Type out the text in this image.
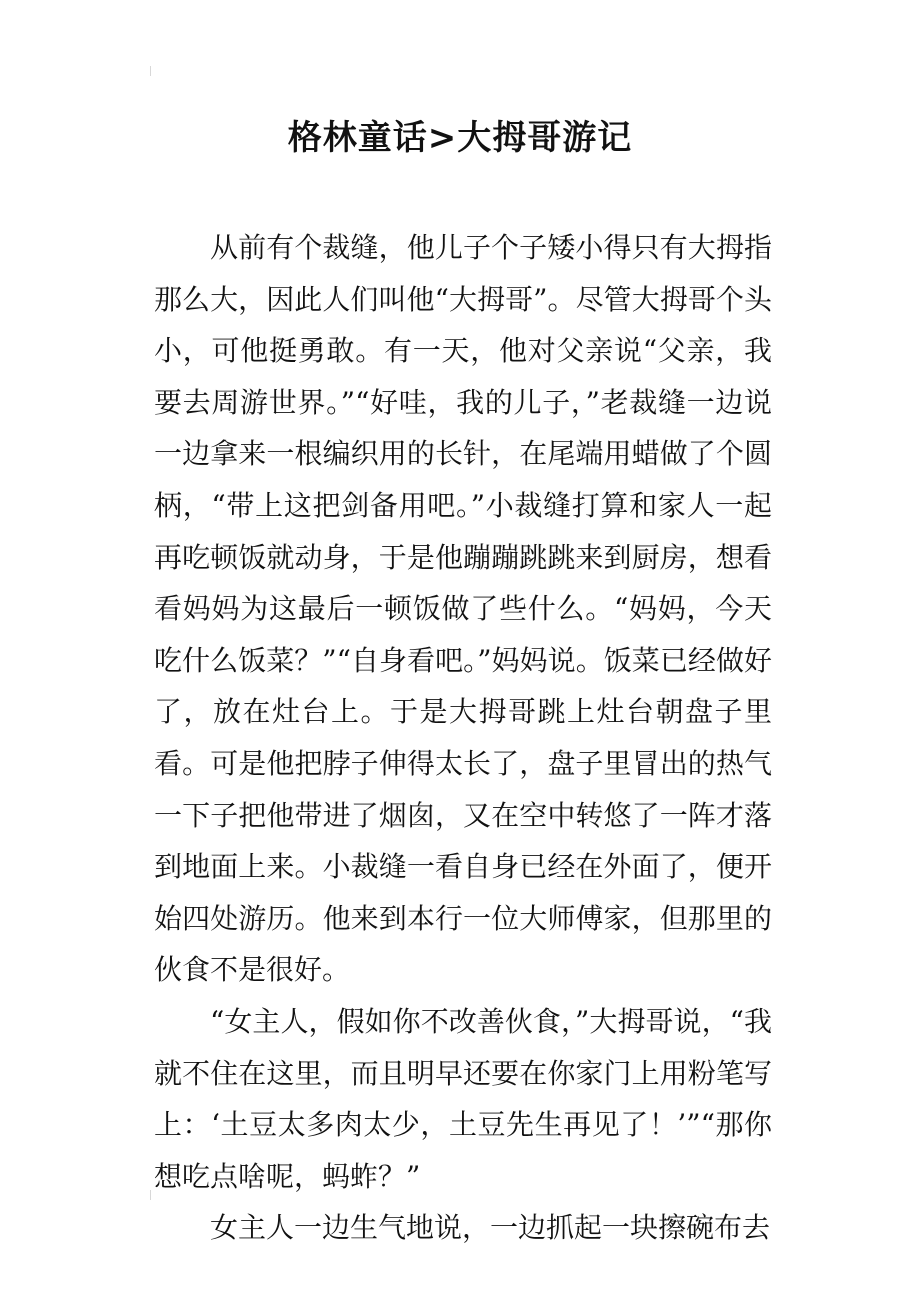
格林童话>大拇哥游记

从前有个裁缝，他儿子个子矮小得只有大拇指那么大，因此人们叫他“大拇哥”。尽管大拇哥个头小，可他挺勇敢。有一天，他对父亲说“父亲，我要去周游世界。”“好哇，我的儿子，”老裁缝一边说一边拿来一根编织用的长针，在尾端用蜡做了个圆柄，“带上这把剑备用吧。”小裁缝打算和家人一起再吃顿饭就动身，于是他蹦蹦跳跳来到厨房，想看看妈妈为这最后一顿饭做了些什么。“妈妈，今天吃什么饭菜？”“自身看吧。”妈妈说。饭菜已经做好了，放在灶台上。于是大拇哥跳上灶台朝盘子里看。可是他把脖子伸得太长了，盘子里冒出的热气一下子把他带进了烟囱，又在空中转悠了一阵才落到地面上来。小裁缝一看自身已经在外面了，便开始四处游历。他来到本行一位大师傅家，但那里的伙食不是很好。

“女主人，假如你不改善伙食，”大拇哥说，“我就不住在这里，而且明早还要在你家门上用粉笔写上：‘土豆太多肉太少，土豆先生再见了！’”“那你想吃点啥呢，蚂蚱？”

女主人一边生气地说，一边抓起一块擦碗布去
